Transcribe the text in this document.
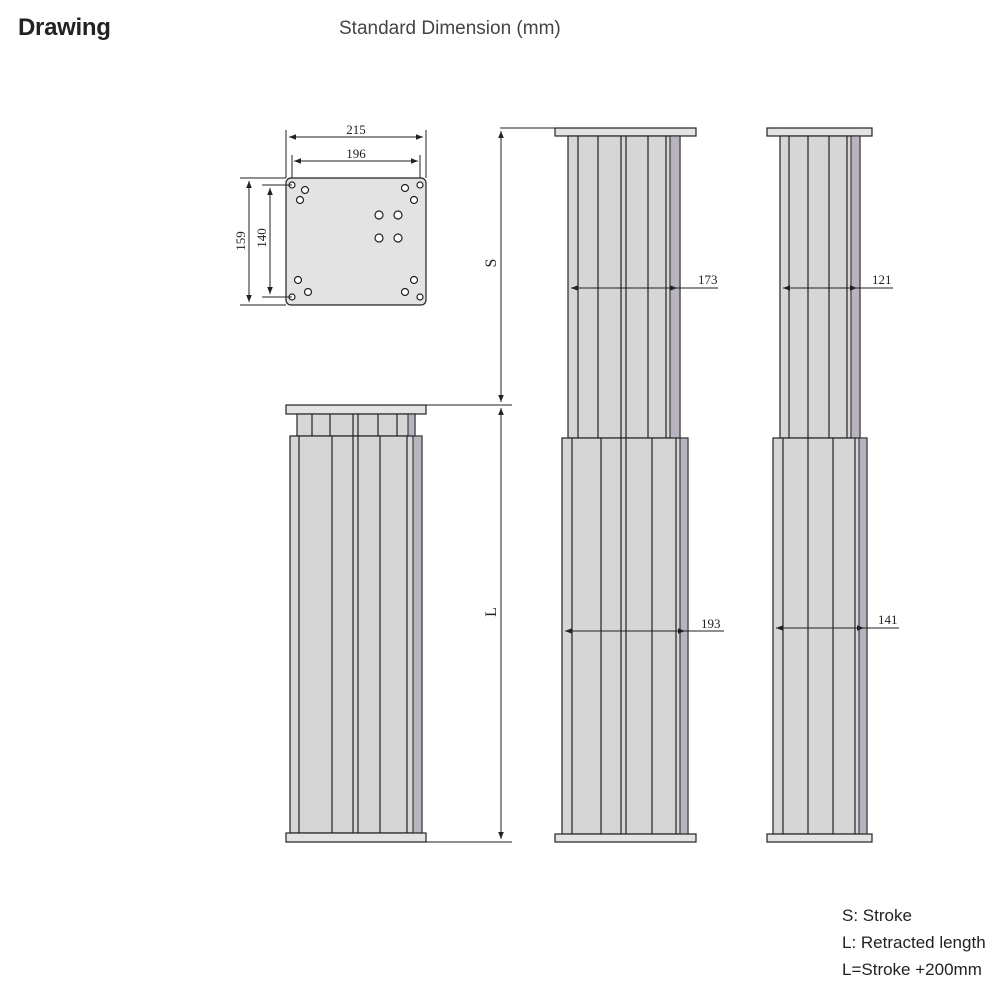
Drawing	Standard Dimension (mm)
215
196
159 140
S
L
173
193
121
141
S: Stroke
L: Retracted length
L=Stroke +200mm
